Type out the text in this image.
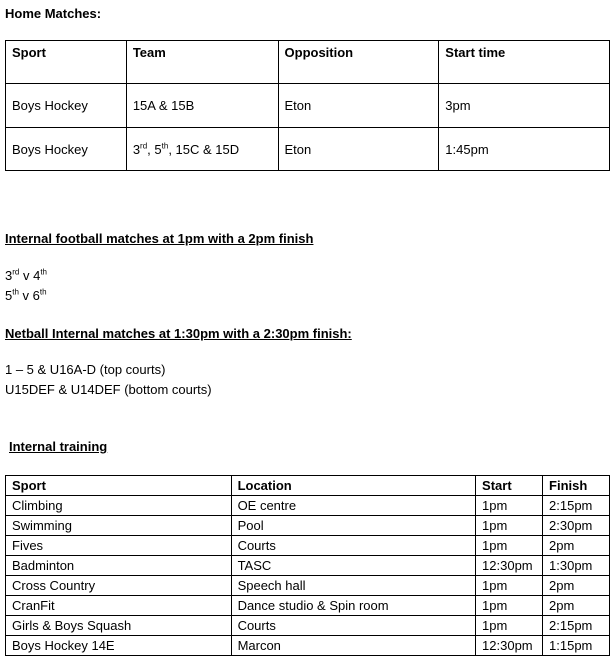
Home Matches:
Sport	Team	Opposition	Start time
Boys Hockey	15A & 15B	Eton	3pm
Boys Hockey	3rd, 5th, 15C & 15D	Eton	1:45pm
Internal football matches at 1pm with a 2pm finish
3rd v 4th
5th v 6th
Netball Internal matches at 1:30pm with a 2:30pm finish:
1 – 5 & U16A-D (top courts)
U15DEF & U14DEF (bottom courts)
Internal training
Sport	Location	Start	Finish
Climbing	OE centre	1pm	2:15pm
Swimming	Pool	1pm	2:30pm
Fives	Courts	1pm	2pm
Badminton	TASC	12:30pm	1:30pm
Cross Country	Speech hall	1pm	2pm
CranFit	Dance studio & Spin room	1pm	2pm
Girls & Boys Squash	Courts	1pm	2:15pm
Boys Hockey 14E	Marcon	12:30pm	1:15pm
